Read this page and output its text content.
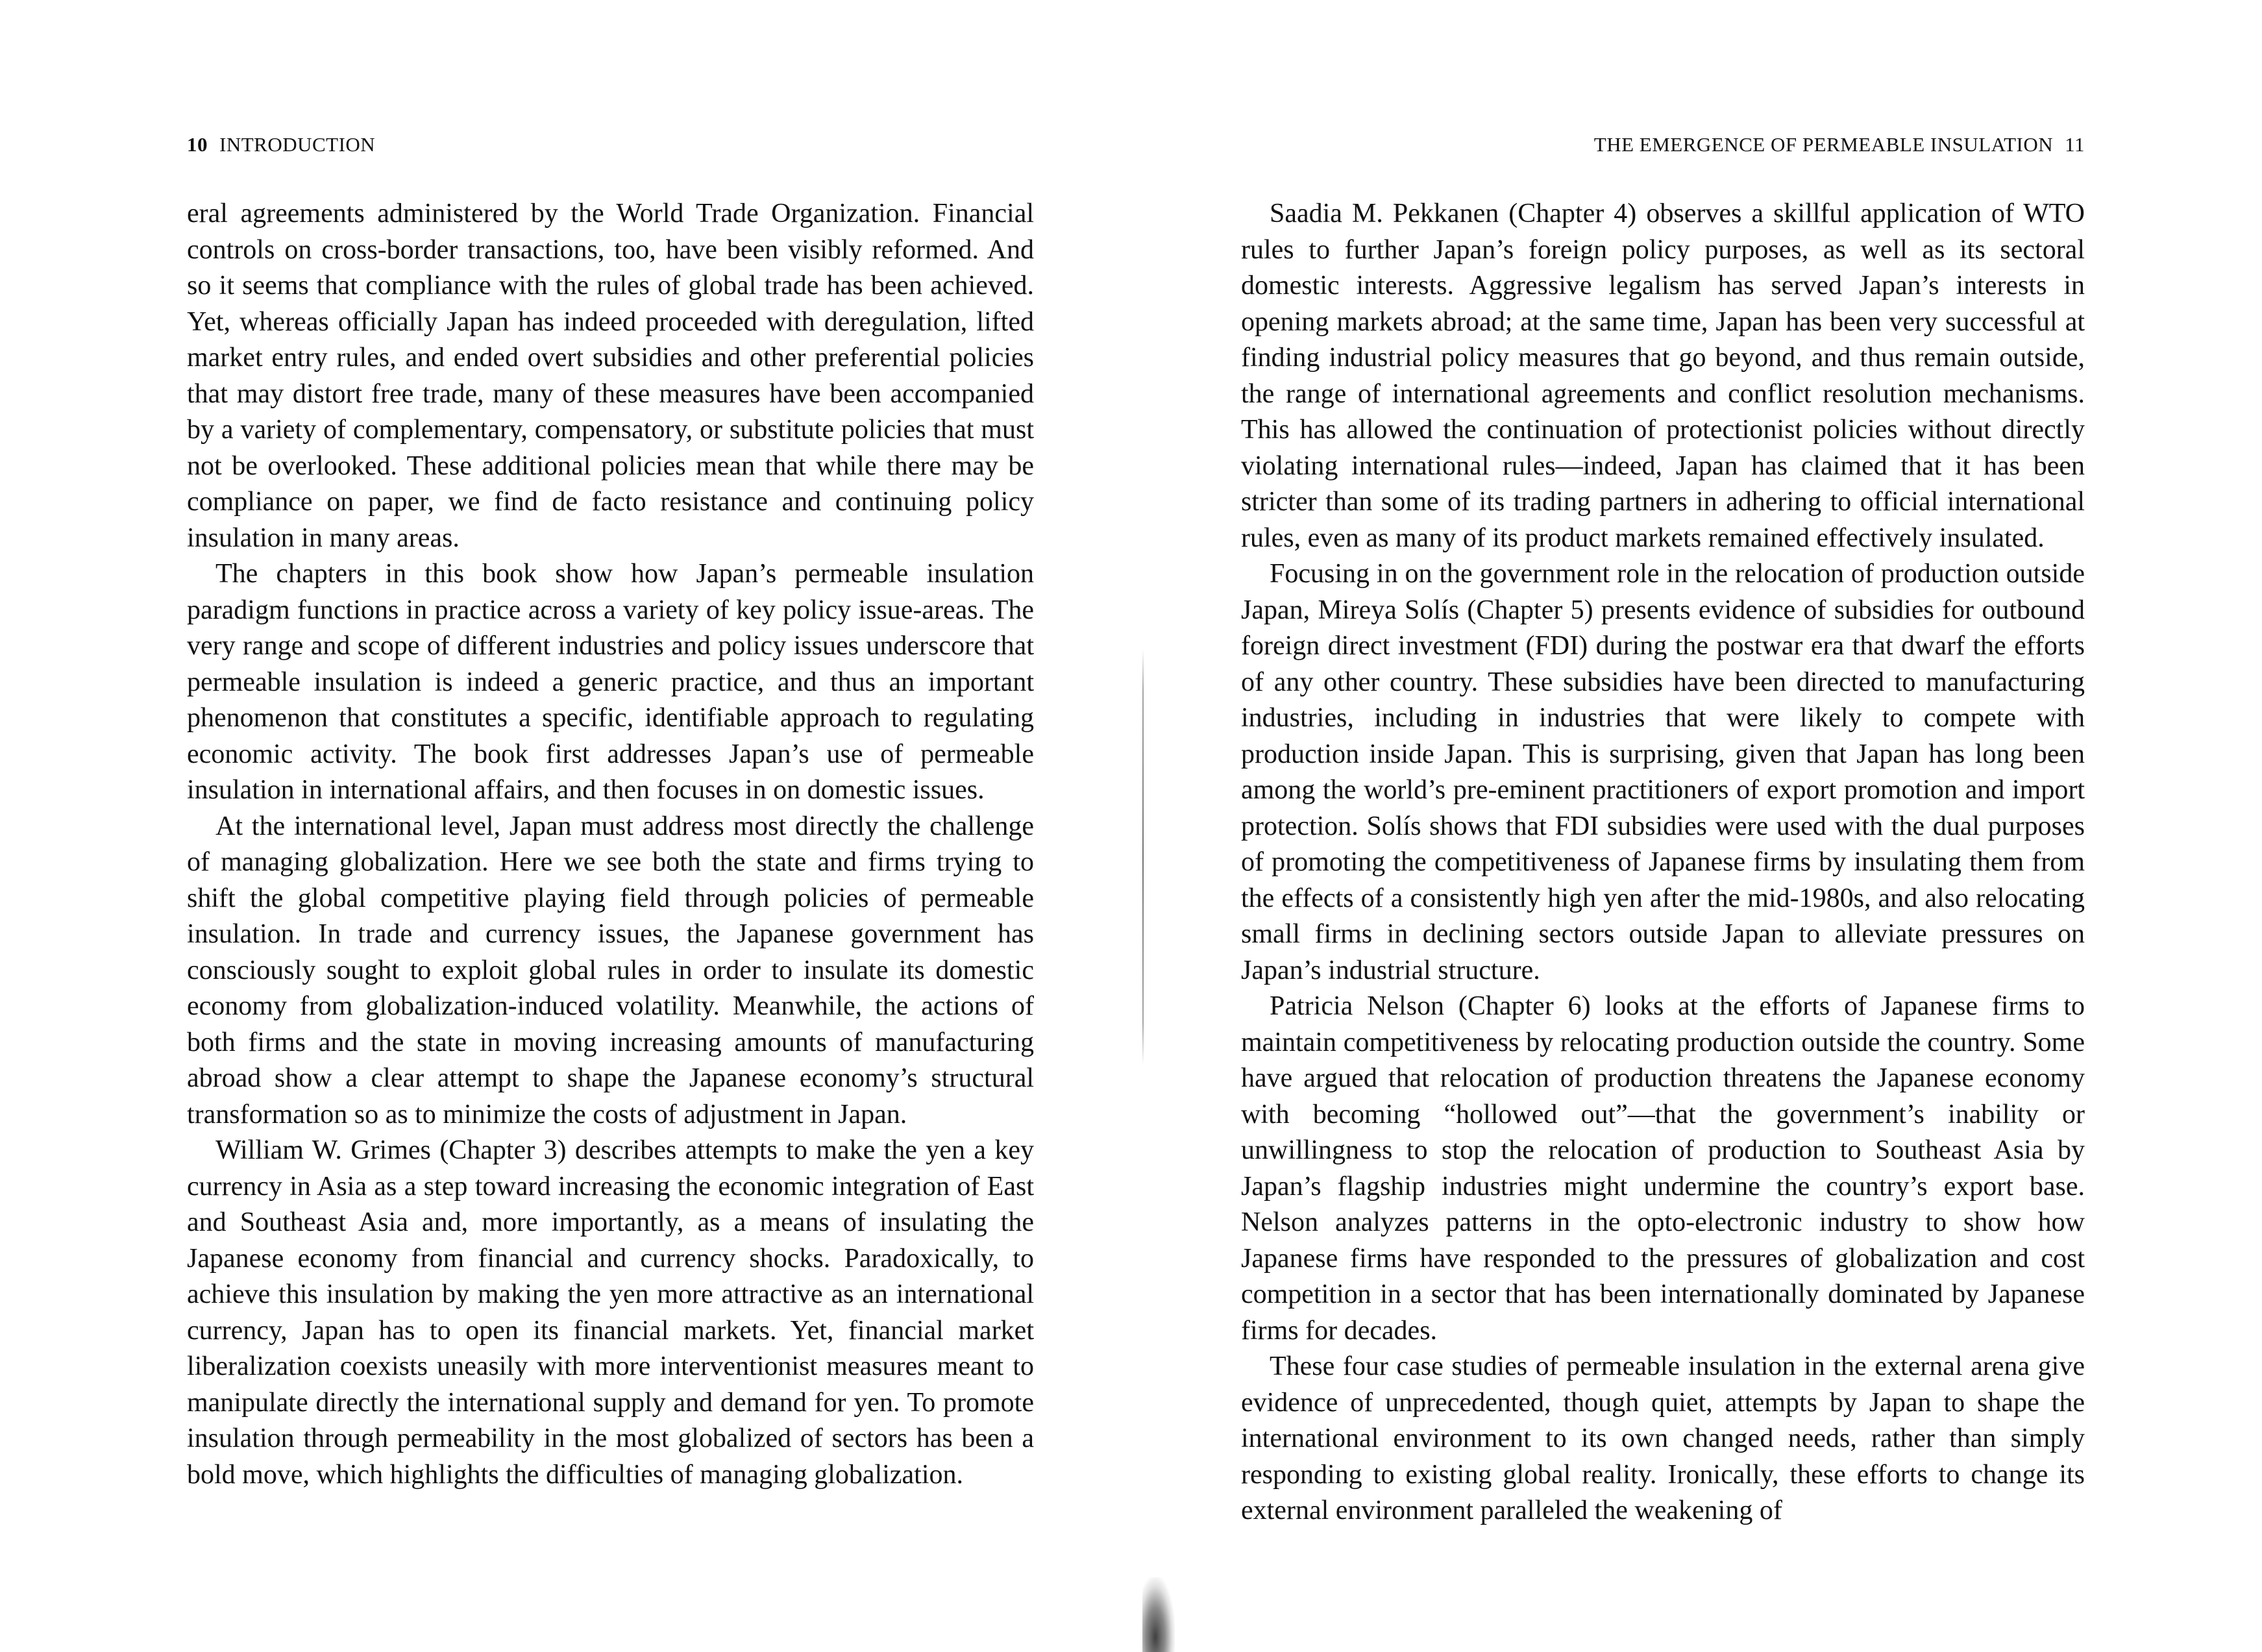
10 INTRODUCTION

eral agreements administered by the World Trade Organization. Financial controls on cross-border transactions, too, have been visibly reformed. And so it seems that compliance with the rules of global trade has been achieved. Yet, whereas officially Japan has indeed proceeded with deregulation, lifted market entry rules, and ended overt subsidies and other preferential policies that may distort free trade, many of these measures have been accompanied by a variety of complementary, compensatory, or substitute policies that must not be overlooked. These additional policies mean that while there may be compliance on paper, we find de facto resistance and continuing policy insulation in many areas.

The chapters in this book show how Japan’s permeable insulation paradigm functions in practice across a variety of key policy issue-areas. The very range and scope of different industries and policy issues underscore that permeable insulation is indeed a generic practice, and thus an important phenomenon that constitutes a specific, identifiable approach to regulating economic activity. The book first addresses Japan’s use of permeable insulation in international affairs, and then focuses in on domestic issues.

At the international level, Japan must address most directly the challenge of managing globalization. Here we see both the state and firms trying to shift the global competitive playing field through policies of permeable insulation. In trade and currency issues, the Japanese government has consciously sought to exploit global rules in order to insulate its domestic economy from globalization-induced volatility. Meanwhile, the actions of both firms and the state in moving increasing amounts of manufacturing abroad show a clear attempt to shape the Japanese economy’s structural transformation so as to minimize the costs of adjustment in Japan.

William W. Grimes (Chapter 3) describes attempts to make the yen a key currency in Asia as a step toward increasing the economic integration of East and Southeast Asia and, more importantly, as a means of insulating the Japanese economy from financial and currency shocks. Paradoxically, to achieve this insulation by making the yen more attractive as an international currency, Japan has to open its financial markets. Yet, financial market liberalization coexists uneasily with more interventionist measures meant to manipulate directly the international supply and demand for yen. To promote insulation through permeability in the most globalized of sectors has been a bold move, which highlights the difficulties of managing globalization.

THE EMERGENCE OF PERMEABLE INSULATION 11

Saadia M. Pekkanen (Chapter 4) observes a skillful application of WTO rules to further Japan’s foreign policy purposes, as well as its sectoral domestic interests. Aggressive legalism has served Japan’s interests in opening markets abroad; at the same time, Japan has been very successful at finding industrial policy measures that go beyond, and thus remain outside, the range of international agreements and conflict resolution mechanisms. This has allowed the continuation of protectionist policies without directly violating international rules—indeed, Japan has claimed that it has been stricter than some of its trading partners in adhering to official international rules, even as many of its product markets remained effectively insulated.

Focusing in on the government role in the relocation of production outside Japan, Mireya Solís (Chapter 5) presents evidence of subsidies for outbound foreign direct investment (FDI) during the postwar era that dwarf the efforts of any other country. These subsidies have been directed to manufacturing industries, including in industries that were likely to compete with production inside Japan. This is surprising, given that Japan has long been among the world’s pre-eminent practitioners of export promotion and import protection. Solís shows that FDI subsidies were used with the dual purposes of promoting the competitiveness of Japanese firms by insulating them from the effects of a consistently high yen after the mid-1980s, and also relocating small firms in declining sectors outside Japan to alleviate pressures on Japan’s industrial structure.

Patricia Nelson (Chapter 6) looks at the efforts of Japanese firms to maintain competitiveness by relocating production outside the country. Some have argued that relocation of production threatens the Japanese economy with becoming “hollowed out”—that the government’s inability or unwillingness to stop the relocation of production to Southeast Asia by Japan’s flagship industries might undermine the country’s export base. Nelson analyzes patterns in the opto-electronic industry to show how Japanese firms have responded to the pressures of globalization and cost competition in a sector that has been internationally dominated by Japanese firms for decades.

These four case studies of permeable insulation in the external arena give evidence of unprecedented, though quiet, attempts by Japan to shape the international environment to its own changed needs, rather than simply responding to existing global reality. Ironically, these efforts to change its external environment paralleled the weakening of
